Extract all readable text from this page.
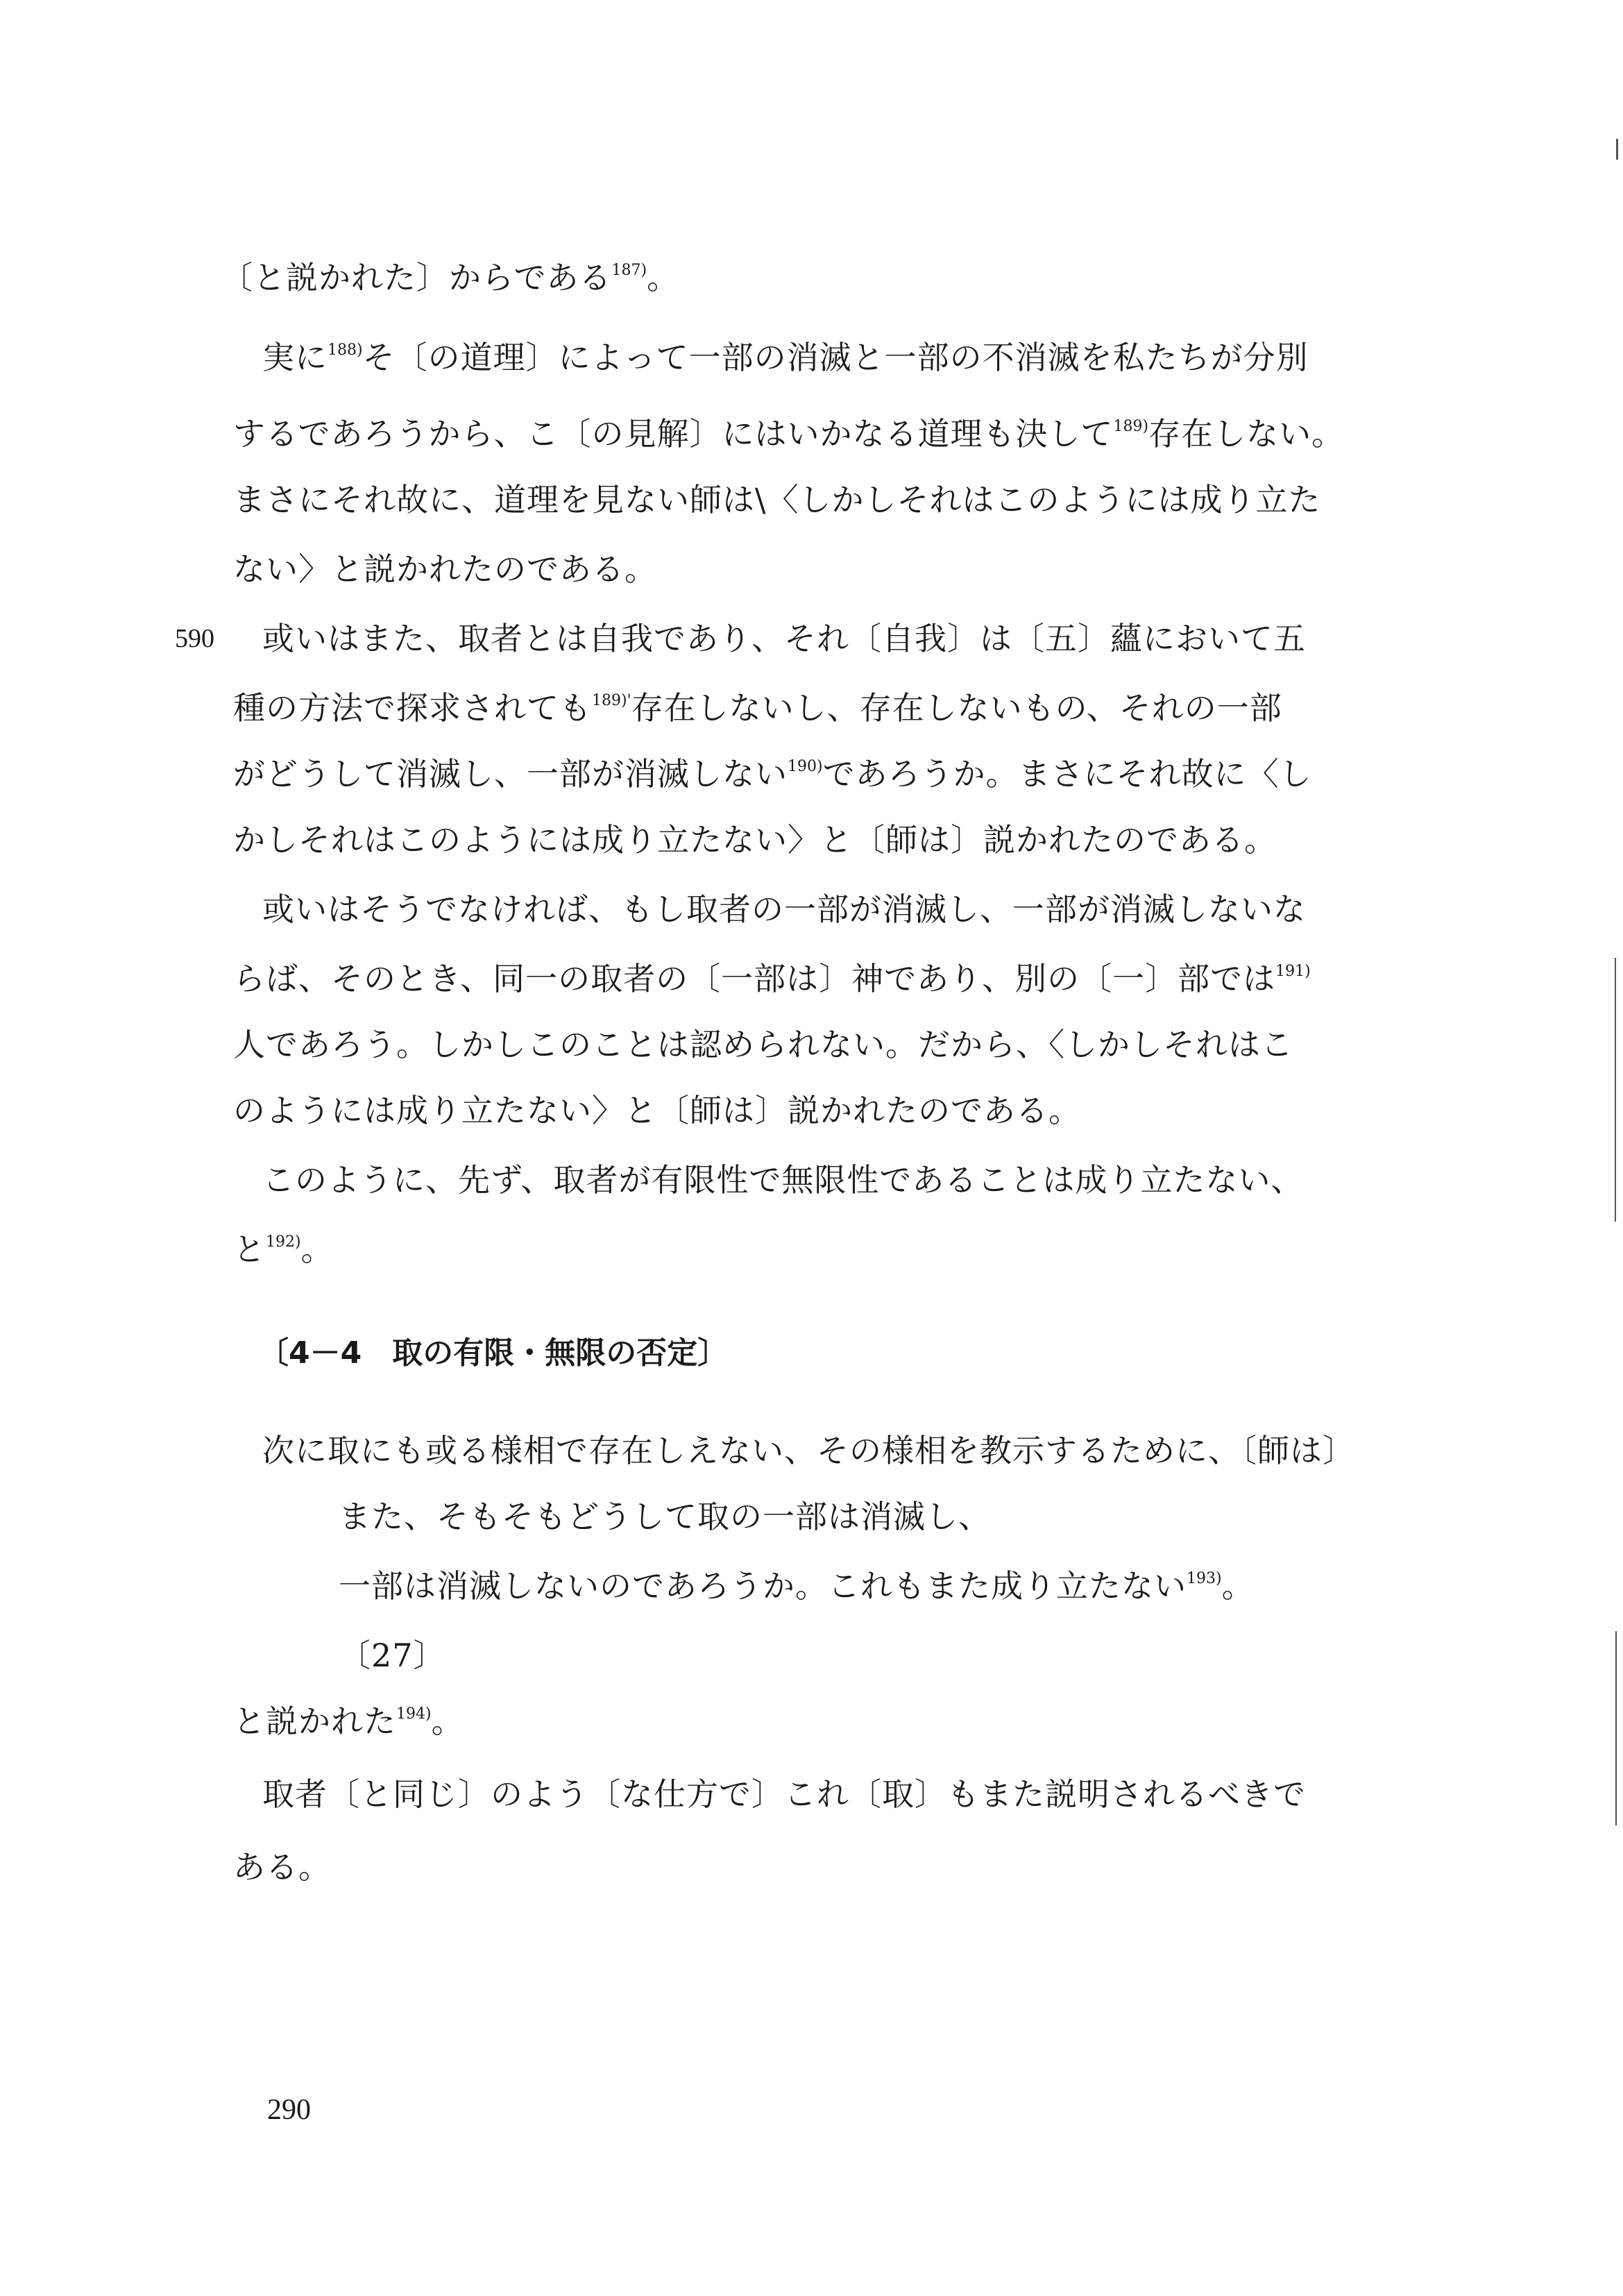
〔と説かれた〕からである$^{187)}$。
実に$^{188)}$そ〔の道理〕によって一部の消滅と一部の不消滅を私たちが分別
するであろうから、こ〔の見解〕にはいかなる道理も決して$^{189)}$存在しない。
まさにそれ故に、道理を見ない師は\〈しかしそれはこのようには成り立た
ない〉と説かれたのである。
590 或いはまた、取者とは自我であり、それ〔自我〕は〔五〕蘊において五
種の方法で探求されても$^{189)'}$存在しないし、存在しないもの、それの一部
がどうして消滅し、一部が消滅しない$^{190)}$であろうか。まさにそれ故に〈し
かしそれはこのようには成り立たない〉と〔師は〕説かれたのである。
或いはそうでなければ、もし取者の一部が消滅し、一部が消滅しないな
らば、そのとき、同一の取者の〔一部は〕神であり、別の〔一〕部では$^{191)}$
人であろう。しかしこのことは認められない。だから、〈しかしそれはこ
のようには成り立たない〉と〔師は〕説かれたのである。
このように、先ず、取者が有限性で無限性であることは成り立たない、
と$^{192)}$。
〔4－4　取の有限・無限の否定〕
次に取にも或る様相で存在しえない、その様相を教示するために、〔師は〕
また、そもそもどうして取の一部は消滅し、
一部は消滅しないのであろうか。これもまた成り立たない$^{193)}$。
〔27〕
と説かれた$^{194)}$。
取者〔と同じ〕のよう〔な仕方で〕これ〔取〕もまた説明されるべきで
ある。
290
